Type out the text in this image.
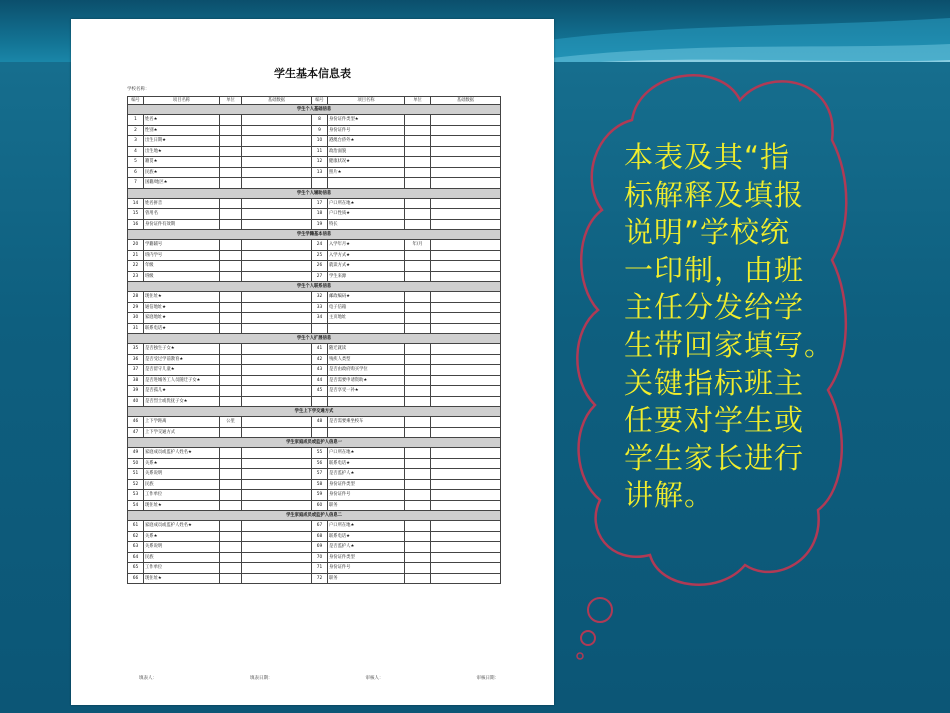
学生基本信息表
学校名称：
编号	项目名称	单位	基础数据	编号	项目名称	单位	基础数据
学生个人基础信息							
1	姓名★			8	身份证件类型★		
2	性别★			9	身份证件号		
3	出生日期★			10	港澳台侨外★		
4	出生地★			11	政治面貌		
5	籍贯★			12	健康状况★		
6	民族★			13	照片★		
7	国籍/地区★						
学生个人辅助信息							
14	姓名拼音			17	户口所在地★		
15	曾用名			18	户口性质★		
16	身份证件有效期			19	特长		
学生学籍基本信息							
20	学籍辅号			24	入学年月★	年/月	
21	班内学号			25	入学方式★		
22	年级			26	就读方式★		
23	班级			27	学生来源		
学生个人联系信息							
28	现住址★			32	邮政编码★		
29	通信地址★			33	电子信箱		
30	家庭地址★			34	主页地址		
31	联系电话★						
学生个人扩展信息							
35	是否独生子女★			41	随迁就读		
36	是否受过学前教育★			42	残疾人类型		
37	是否留守儿童★			43	是否由政府购买学位		
38	是否进城务工人员随迁子女★			44	是否需要申请资助★		
39	是否孤儿★			45	是否享受一补★		
40	是否烈士或优抚子女★						
学生上下学交通方式							
46	上下学距离	公里		48	是否需要乘坐校车		
47	上下学交通方式						
学生家庭成员或监护人信息一							
49	家庭成员或监护人姓名★			55	户口所在地★		
50	关系★			56	联系电话★		
51	关系说明			57	是否监护人★		
52	民族			58	身份证件类型		
53	工作单位			59	身份证件号		
54	现住址★			60	职务		
学生家庭成员或监护人信息二							
61	家庭成员或监护人姓名★			67	户口所在地★		
62	关系★			68	联系电话★		
63	关系说明			69	是否监护人★		
64	民族			70	身份证件类型		
65	工作单位			71	身份证件号		
66	现住址★			72	职务		
填表人：	填表日期：	审核人：	审核日期：

本表及其“指
标解释及填报
说明”学校统
一印制，由班
主任分发给学
生带回家填写。
关键指标班主
任要对学生或
学生家长进行
讲解。
